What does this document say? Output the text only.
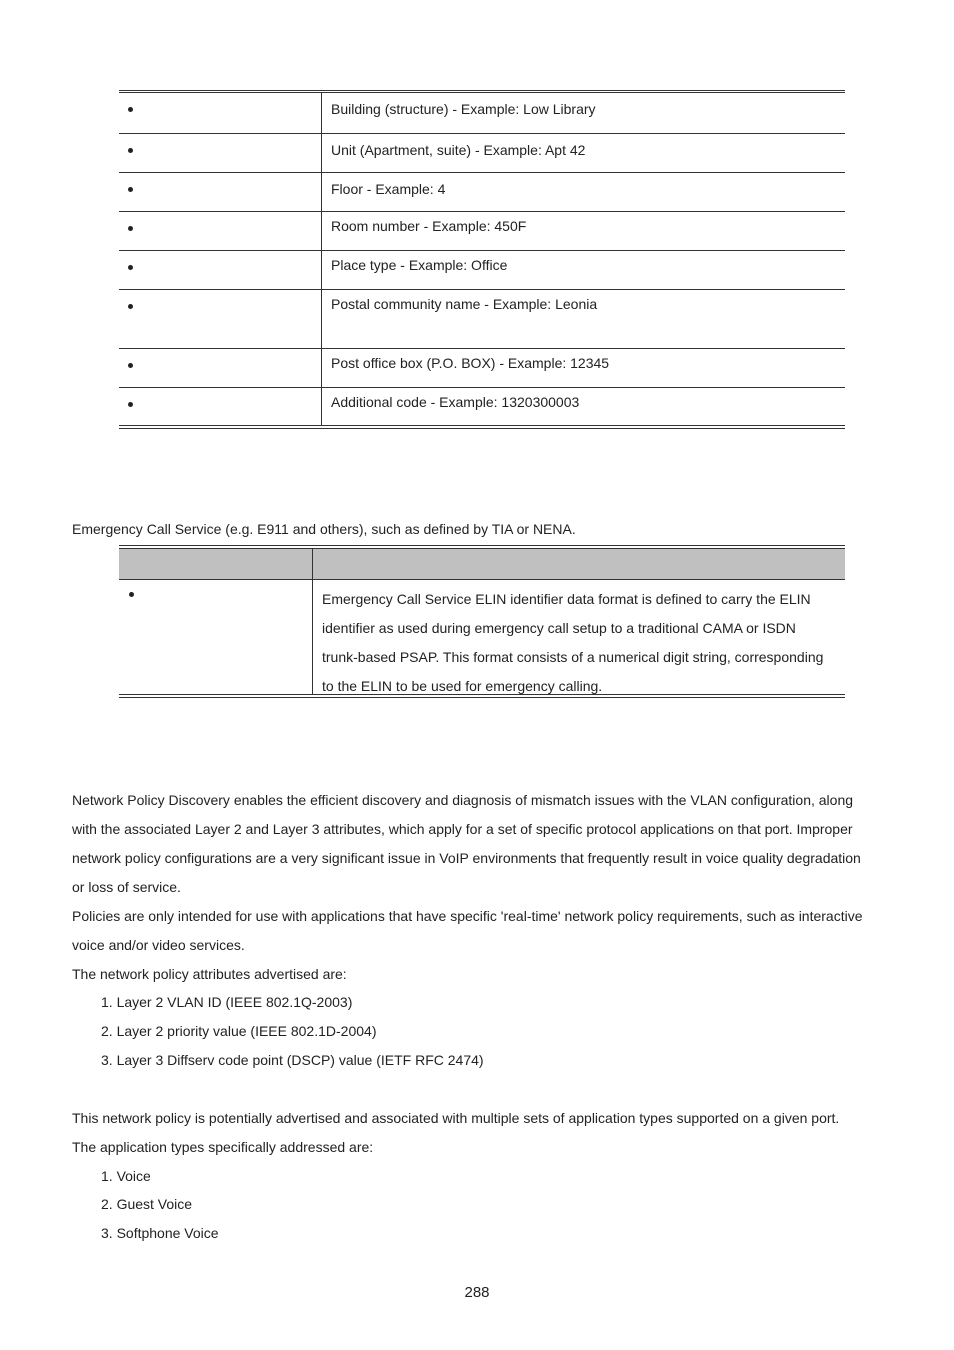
	Building (structure) - Example: Low Library

	Unit (Apartment, suite) - Example: Apt 42

	Floor - Example: 4

	Room number - Example: 450F

	Place type - Example: Office

	Postal community name - Example: Leonia

	Post office box (P.O. BOX) - Example: 12345

	Additional code - Example: 1320300003
Emergency Call Service (e.g. E911 and others), such as defined by TIA or NENA.
Emergency Call Service ELIN identifier data format is defined to carry the ELIN
identifier as used during emergency call setup to a traditional CAMA or ISDN
trunk-based PSAP. This format consists of a numerical digit string, corresponding
to the ELIN to be used for emergency calling.
Network Policy Discovery enables the efficient discovery and diagnosis of mismatch issues with the VLAN configuration, along
with the associated Layer 2 and Layer 3 attributes, which apply for a set of specific protocol applications on that port. Improper
network policy configurations are a very significant issue in VoIP environments that frequently result in voice quality degradation
or loss of service.
Policies are only intended for use with applications that have specific 'real-time' network policy requirements, such as interactive
voice and/or video services.
The network policy attributes advertised are:
1. Layer 2 VLAN ID (IEEE 802.1Q-2003)
2. Layer 2 priority value (IEEE 802.1D-2004)
3. Layer 3 Diffserv code point (DSCP) value (IETF RFC 2474)
This network policy is potentially advertised and associated with multiple sets of application types supported on a given port.
The application types specifically addressed are:
1. Voice
2. Guest Voice
3. Softphone Voice
288
